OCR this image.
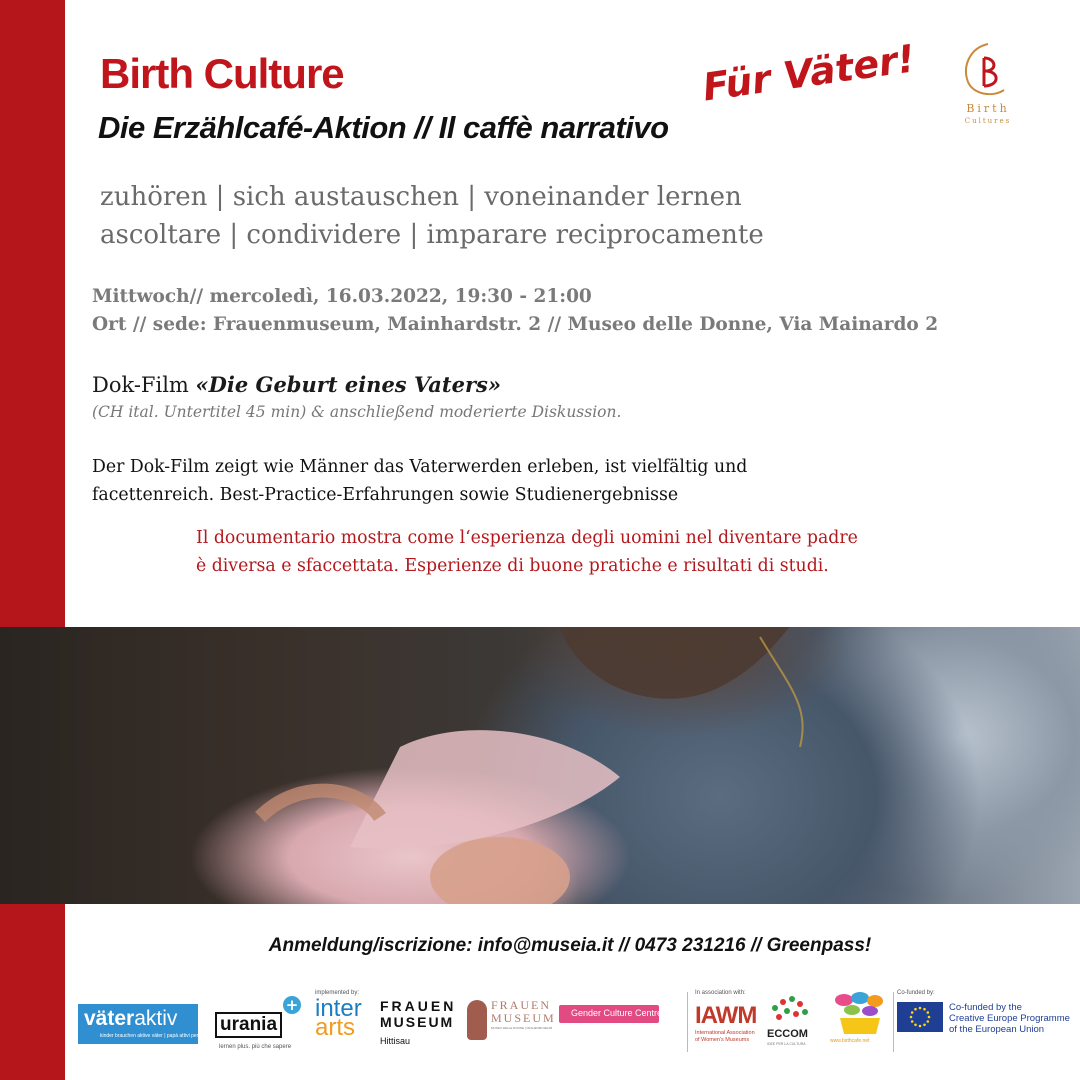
Birth Culture
Die Erzählcafé-Aktion // Il caffè narrativo
Für Väter!	Birth
Cultures
zuhören | sich austauschen | voneinander lernen
ascoltare | condividere | imparare reciprocamente
Mittwoch// mercoledì, 16.03.2022, 19:30 - 21:00
Ort // sede: Frauenmuseum, Mainhardstr. 2 // Museo delle Donne, Via Mainardo 2
Dok-Film «Die Geburt eines Vaters»
(CH ital. Untertitel 45 min) & anschließend moderierte Diskussion.
Der Dok-Film zeigt wie Männer das Vaterwerden erleben, ist vielfältig und
facettenreich. Best-Practice-Erfahrungen sowie Studienergebnisse
Il documentario mostra come l‘esperienza degli uomini nel diventare padre
è diversa e sfaccettata. Esperienze di buone pratiche e risultati di studi.
Anmeldung/iscrizione: info@museia.it // 0473 231216 // Greenpass!
väteraktiv
kinder brauchen aktive väter | papà attivi per i bambini
urania
+
lernen plus. più che sapere
implemented by:
inter
arts
FRAUEN
MUSEUM
Hittisau
FRAUEN
MUSEUM
MUSEO DELLE DONNE | FRAUENMUSEUM
Gender Culture Centre
In association with:
IAWM
International Association
of Women's Museums ECCOM
IDEE PER LA CULTURA	www.birthcafe.net
Co-funded by:
Co-funded by the
Creative Europe Programme
of the European Union
